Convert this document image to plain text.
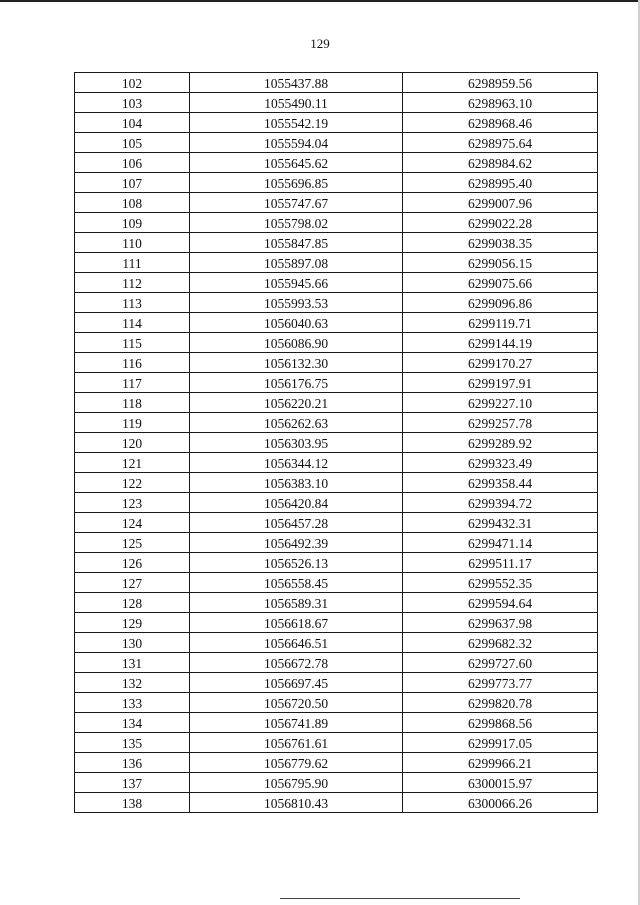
129
102	1055437.88	6298959.56
103	1055490.11	6298963.10
104	1055542.19	6298968.46
105	1055594.04	6298975.64
106	1055645.62	6298984.62
107	1055696.85	6298995.40
108	1055747.67	6299007.96
109	1055798.02	6299022.28
110	1055847.85	6299038.35
111	1055897.08	6299056.15
112	1055945.66	6299075.66
113	1055993.53	6299096.86
114	1056040.63	6299119.71
115	1056086.90	6299144.19
116	1056132.30	6299170.27
117	1056176.75	6299197.91
118	1056220.21	6299227.10
119	1056262.63	6299257.78
120	1056303.95	6299289.92
121	1056344.12	6299323.49
122	1056383.10	6299358.44
123	1056420.84	6299394.72
124	1056457.28	6299432.31
125	1056492.39	6299471.14
126	1056526.13	6299511.17
127	1056558.45	6299552.35
128	1056589.31	6299594.64
129	1056618.67	6299637.98
130	1056646.51	6299682.32
131	1056672.78	6299727.60
132	1056697.45	6299773.77
133	1056720.50	6299820.78
134	1056741.89	6299868.56
135	1056761.61	6299917.05
136	1056779.62	6299966.21
137	1056795.90	6300015.97
138	1056810.43	6300066.26
